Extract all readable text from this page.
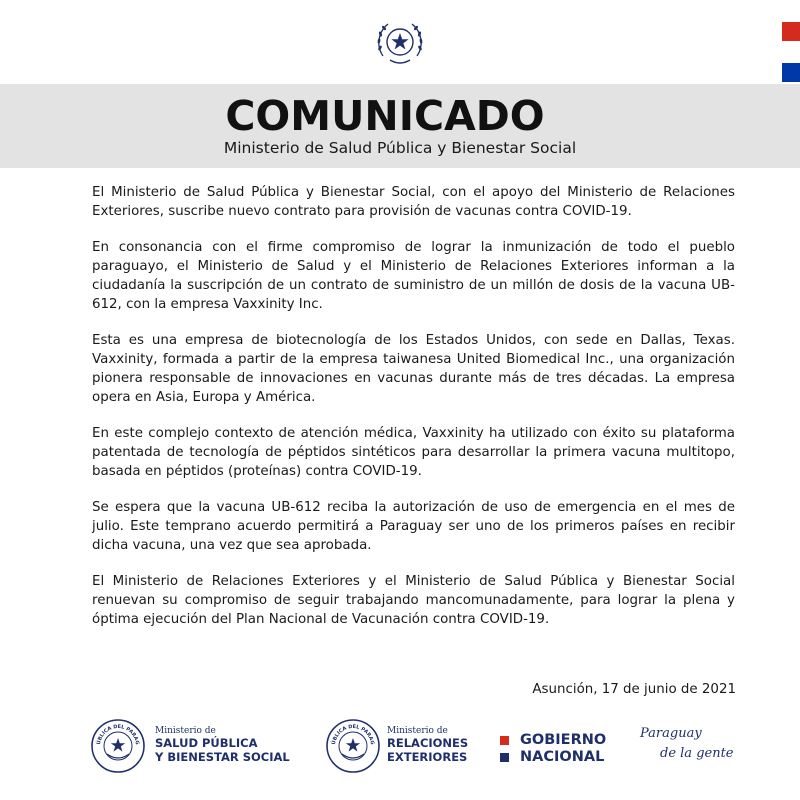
COMUNICADO
Ministerio de Salud Pública y Bienestar Social

El Ministerio de Salud Pública y Bienestar Social, con el apoyo del Ministerio de Relaciones Exteriores, suscribe nuevo contrato para provisión de vacunas contra COVID-19.

En consonancia con el firme compromiso de lograr la inmunización de todo el pueblo paraguayo, el Ministerio de Salud y el Ministerio de Relaciones Exteriores informan a la ciudadanía la suscripción de un contrato de suministro de un millón de dosis de la vacuna UB-612, con la empresa Vaxxinity Inc.

Esta es una empresa de biotecnología de los Estados Unidos, con sede en Dallas, Texas. Vaxxinity, formada a partir de la empresa taiwanesa United Biomedical Inc., una organización pionera responsable de innovaciones en vacunas durante más de tres décadas. La empresa opera en Asia, Europa y América.

En este complejo contexto de atención médica, Vaxxinity ha utilizado con éxito su plataforma patentada de tecnología de péptidos sintéticos para desarrollar la primera vacuna multitopo, basada en péptidos (proteínas) contra COVID-19.

Se espera que la vacuna UB-612 reciba la autorización de uso de emergencia en el mes de julio. Este temprano acuerdo permitirá a Paraguay ser uno de los primeros países en recibir dicha vacuna, una vez que sea aprobada.

El Ministerio de Relaciones Exteriores y el Ministerio de Salud Pública y Bienestar Social renuevan su compromiso de seguir trabajando mancomunadamente, para lograr la plena y óptima ejecución del Plan Nacional de Vacunación contra COVID-19.

Asunción, 17 de junio de 2021
ÚBLICA DEL PARAG
Ministerio de
SALUD PÚBLICA
Y BIENESTAR SOCIAL
ÚBLICA DEL PARAG
Ministerio de
RELACIONES
EXTERIORES
GOBIERNO
NACIONAL
Paraguay
de la gente
